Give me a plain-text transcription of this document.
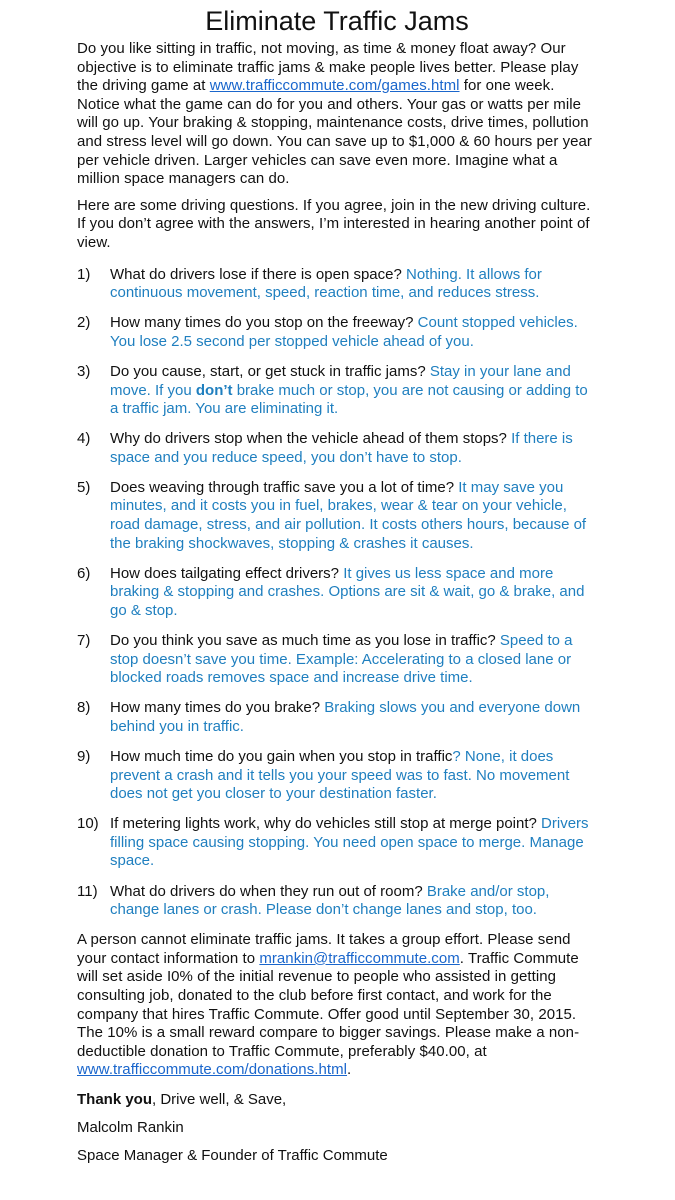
Eliminate Traffic Jams

Do you like sitting in traffic, not moving, as time & money float away? Our objective is to eliminate traffic jams & make people lives better. Please play the driving game at www.trafficcommute.com/games.html for one week. Notice what the game can do for you and others. Your gas or watts per mile will go up. Your braking & stopping, maintenance costs, drive times, pollution and stress level will go down. You can save up to $1,000 & 60 hours per year per vehicle driven. Larger vehicles can save even more. Imagine what a million space managers can do.

Here are some driving questions. If you agree, join in the new driving culture. If you don’t agree with the answers, I’m interested in hearing another point of view.

1)	What do drivers lose if there is open space? Nothing. It allows for continuous movement, speed, reaction time, and reduces stress.
2)	How many times do you stop on the freeway? Count stopped vehicles. You lose 2.5 second per stopped vehicle ahead of you.
3)	Do you cause, start, or get stuck in traffic jams? Stay in your lane and move. If you don’t brake much or stop, you are not causing or adding to a traffic jam. You are eliminating it.
4)	Why do drivers stop when the vehicle ahead of them stops? If there is space and you reduce speed, you don’t have to stop.
5)	Does weaving through traffic save you a lot of time? It may save you minutes, and it costs you in fuel, brakes, wear & tear on your vehicle, road damage, stress, and air pollution. It costs others hours, because of the braking shockwaves, stopping & crashes it causes.
6)	How does tailgating effect drivers? It gives us less space and more braking & stopping and crashes. Options are sit & wait, go & brake, and go & stop.
7)	Do you think you save as much time as you lose in traffic? Speed to a stop doesn’t save you time. Example: Accelerating to a closed lane or blocked roads removes space and increase drive time.
8)	How many times do you brake? Braking slows you and everyone down behind you in traffic.
9)	How much time do you gain when you stop in traffic? None, it does prevent a crash and it tells you your speed was to fast. No movement does not get you closer to your destination faster.
10) If metering lights work, why do vehicles still stop at merge point? Drivers filling space causing stopping. You need open space to merge. Manage space.
11) What do drivers do when they run out of room? Brake and/or stop, change lanes or crash. Please don’t change lanes and stop, too.

A person cannot eliminate traffic jams. It takes a group effort. Please send your contact information to mrankin@trafficcommute.com. Traffic Commute will set aside I0% of the initial revenue to people who assisted in getting consulting job, donated to the club before first contact, and work for the company that hires Traffic Commute. Offer good until September 30, 2015. The 10% is a small reward compare to bigger savings. Please make a non-deductible donation to Traffic Commute, preferably $40.00, at www.trafficcommute.com/donations.html.

Thank you, Drive well, & Save,

Malcolm Rankin

Space Manager & Founder of Traffic Commute
